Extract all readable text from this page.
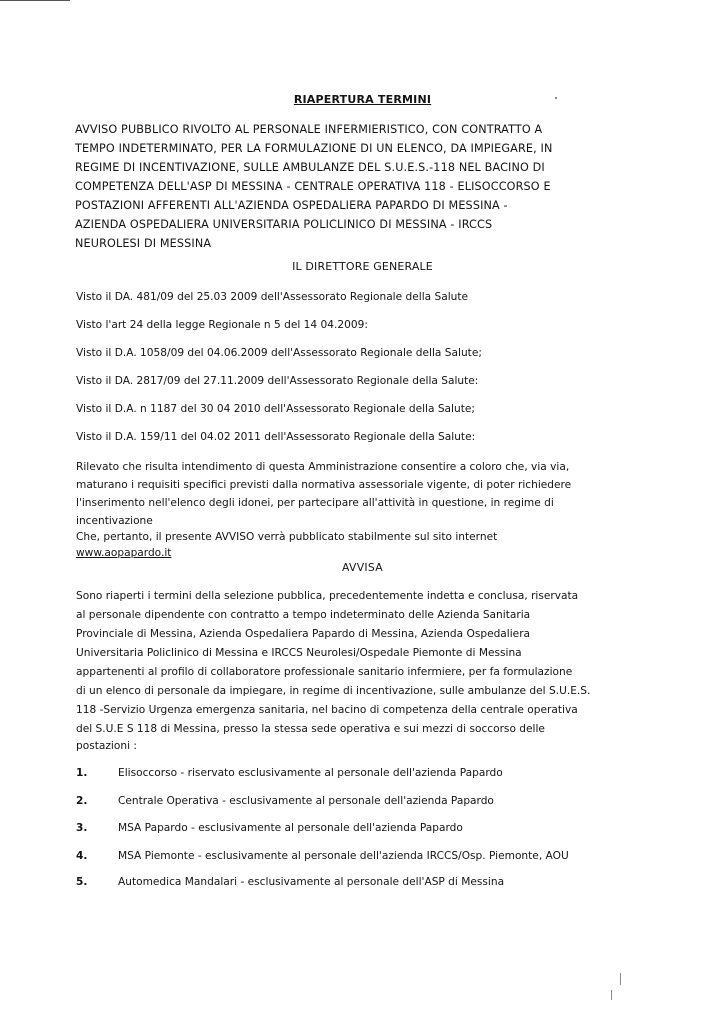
RIAPERTURA TERMINI
AVVISO PUBBLICO RIVOLTO AL PERSONALE INFERMIERISTICO, CON CONTRATTO A
TEMPO INDETERMINATO, PER LA FORMULAZIONE DI UN ELENCO, DA IMPIEGARE, IN
REGIME DI INCENTIVAZIONE, SULLE AMBULANZE DEL S.U.E.S.-118 NEL BACINO DI
COMPETENZA DELL'ASP DI MESSINA - CENTRALE OPERATIVA 118 - ELISOCCORSO E
POSTAZIONI AFFERENTI ALL'AZIENDA OSPEDALIERA PAPARDO DI MESSINA -
AZIENDA OSPEDALIERA UNIVERSITARIA POLICLINICO DI MESSINA - IRCCS
NEUROLESI DI MESSINA
IL DIRETTORE GENERALE
Visto il DA. 481/09 del 25.03 2009 dell'Assessorato Regionale della Salute
Visto l'art 24 della legge Regionale n 5 del 14 04.2009:
Visto il D.A. 1058/09 del 04.06.2009 dell'Assessorato Regionale della Salute;
Visto il DA. 2817/09 del 27.11.2009 dell'Assessorato Regionale della Salute:
Visto il D.A. n 1187 del 30 04 2010 dell'Assessorato Regionale della Salute;
Visto il D.A. 159/11 del 04.02 2011 dell'Assessorato Regionale della Salute:
Rilevato che risulta intendimento di questa Amministrazione consentire a coloro che, via via,
maturano i requisiti specifici previsti dalla normativa assessoriale vigente, di poter richiedere
l'inserimento nell'elenco degli idonei, per partecipare all'attività in questione, in regime di
incentivazione
Che, pertanto, il presente AVVISO verrà pubblicato stabilmente sul sito internet
www.aopapardo.it
AVVISA
Sono riaperti i termini della selezione pubblica, precedentemente indetta e conclusa, riservata
al personale dipendente con contratto a tempo indeterminato delle Azienda Sanitaria
Provinciale di Messina, Azienda Ospedaliera Papardo di Messina, Azienda Ospedaliera
Universitaria Policlinico di Messina e IRCCS Neurolesi/Ospedale Piemonte di Messina
appartenenti al profilo di collaboratore professionale sanitario infermiere, per fa formulazione
di un elenco di personale da impiegare, in regime di incentivazione, sulle ambulanze del S.U.E.S.
118 -Servizio Urgenza emergenza sanitaria, nel bacino di competenza della centrale operativa
del S.U.E S 118 di Messina, presso la stessa sede operativa e sui mezzi di soccorso delle
postazioni :
1.	Elisoccorso - riservato esclusivamente al personale dell'azienda Papardo
2.	Centrale Operativa - esclusivamente al personale dell'azienda Papardo
3.	MSA Papardo - esclusivamente al personale dell'azienda Papardo
4.	MSA Piemonte - esclusivamente al personale dell'azienda IRCCS/Osp. Piemonte, AOU
5.	Automedica Mandalari - esclusivamente al personale dell'ASP di Messina
